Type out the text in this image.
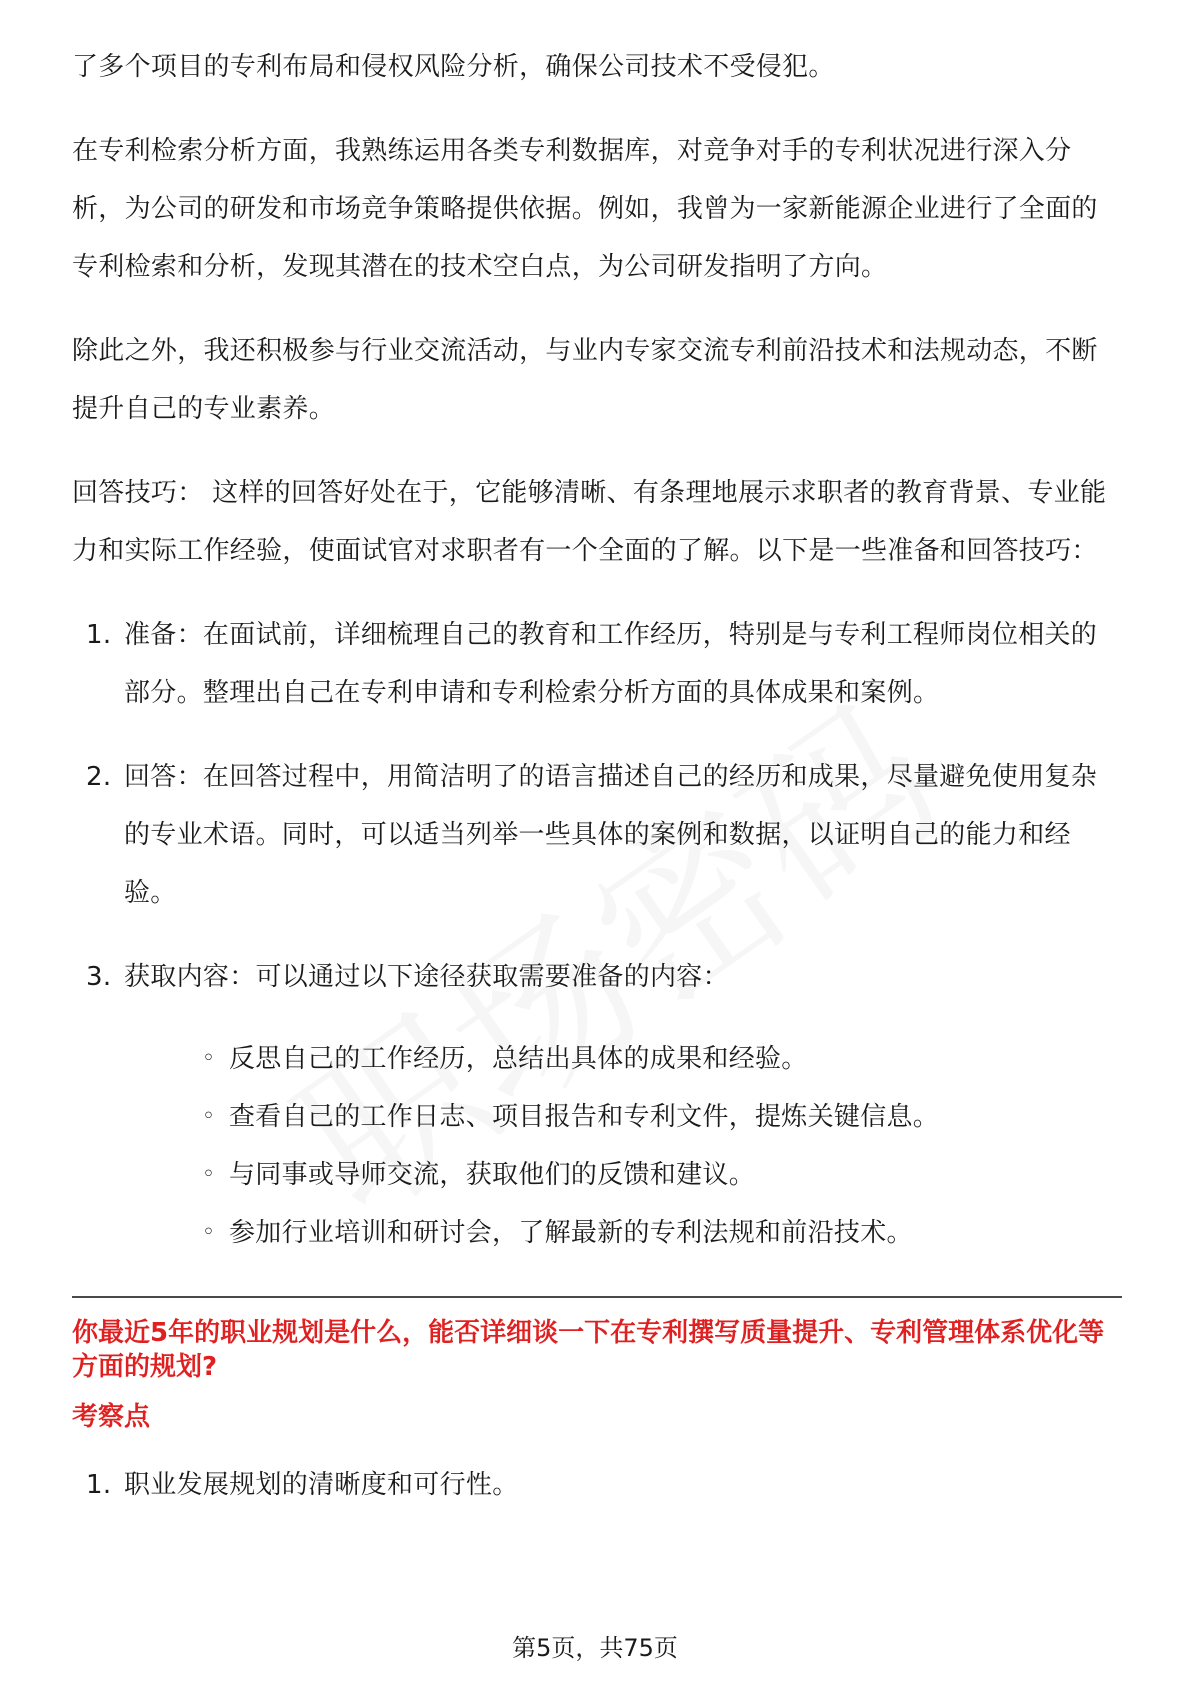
了多个项目的专利布局和侵权风险分析，确保公司技术不受侵犯。

在专利检索分析方面，我熟练运用各类专利数据库，对竞争对手的专利状况进行深入分析，为公司的研发和市场竞争策略提供依据。例如，我曾为一家新能源企业进行了全面的专利检索和分析，发现其潜在的技术空白点，为公司研发指明了方向。

除此之外，我还积极参与行业交流活动，与业内专家交流专利前沿技术和法规动态，不断提升自己的专业素养。

回答技巧： 这样的回答好处在于，它能够清晰、有条理地展示求职者的教育背景、专业能力和实际工作经验，使面试官对求职者有一个全面的了解。以下是一些准备和回答技巧：

1. 准备：在面试前，详细梳理自己的教育和工作经历，特别是与专利工程师岗位相关的部分。整理出自己在专利申请和专利检索分析方面的具体成果和案例。
2. 回答：在回答过程中，用简洁明了的语言描述自己的经历和成果，尽量避免使用复杂的专业术语。同时，可以适当列举一些具体的案例和数据，以证明自己的能力和经验。
3. 获取内容：可以通过以下途径获取需要准备的内容：
◦ 反思自己的工作经历，总结出具体的成果和经验。
◦ 查看自己的工作日志、项目报告和专利文件，提炼关键信息。
◦ 与同事或导师交流，获取他们的反馈和建议。
◦ 参加行业培训和研讨会，了解最新的专利法规和前沿技术。

你最近5年的职业规划是什么，能否详细谈一下在专利撰写质量提升、专利管理体系优化等方面的规划?

考察点
1. 职业发展规划的清晰度和可行性。
第5页，共75页
